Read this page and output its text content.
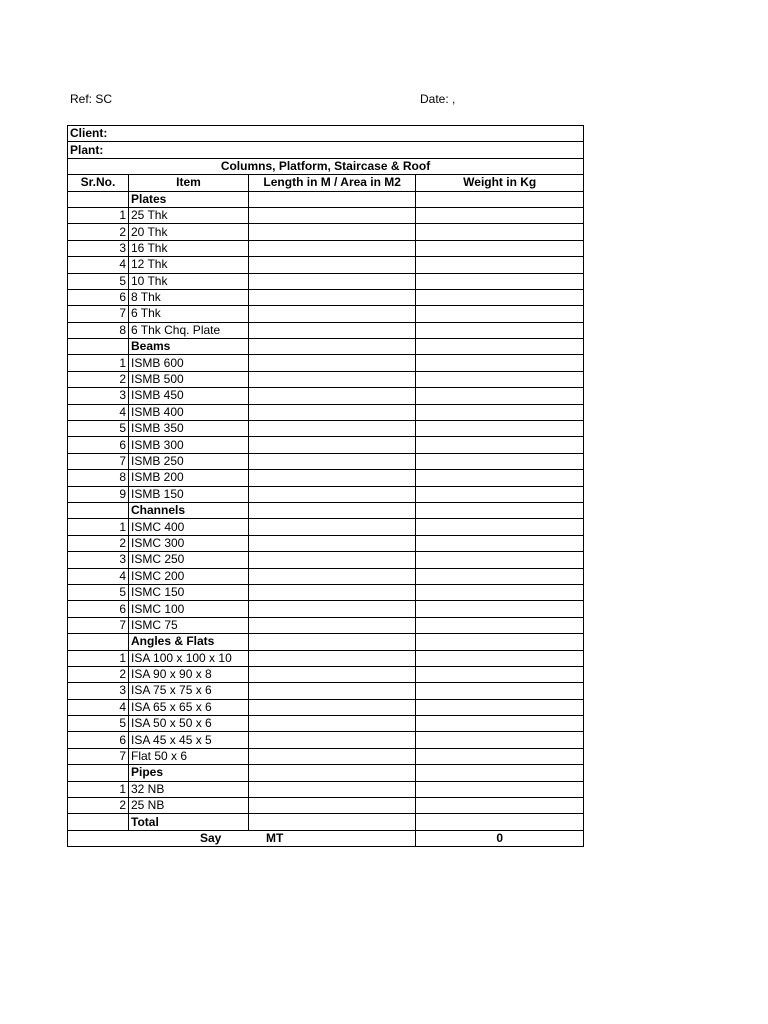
Ref: SC	Date: ,
Client:			
Plant:			
Columns, Platform, Staircase & Roof			
Sr.No.	Item	Length in M / Area in M2	Weight in Kg
	Plates		
1	25 Thk		
2	20 Thk		
3	16 Thk		
4	12 Thk		
5	10 Thk		
6	8 Thk		
7	6 Thk		
8	6 Thk Chq. Plate		
	Beams		
1	ISMB 600		
2	ISMB 500		
3	ISMB 450		
4	ISMB 400		
5	ISMB 350		
6	ISMB 300		
7	ISMB 250		
8	ISMB 200		
9	ISMB 150		
	Channels		
1	ISMC 400		
2	ISMC 300		
3	ISMC 250		
4	ISMC 200		
5	ISMC 150		
6	ISMC 100		
7	ISMC 75		
	Angles & Flats		
1	ISA 100 x 100 x 10		
2	ISA 90 x 90 x 8		
3	ISA 75 x 75 x 6		
4	ISA 65 x 65 x 6		
5	ISA 50 x 50 x 6		
6	ISA 45 x 45 x 5		
7	Flat 50 x 6		
	Pipes		
1	32 NB		
2	25 NB		
	Total		

Say MT			0
